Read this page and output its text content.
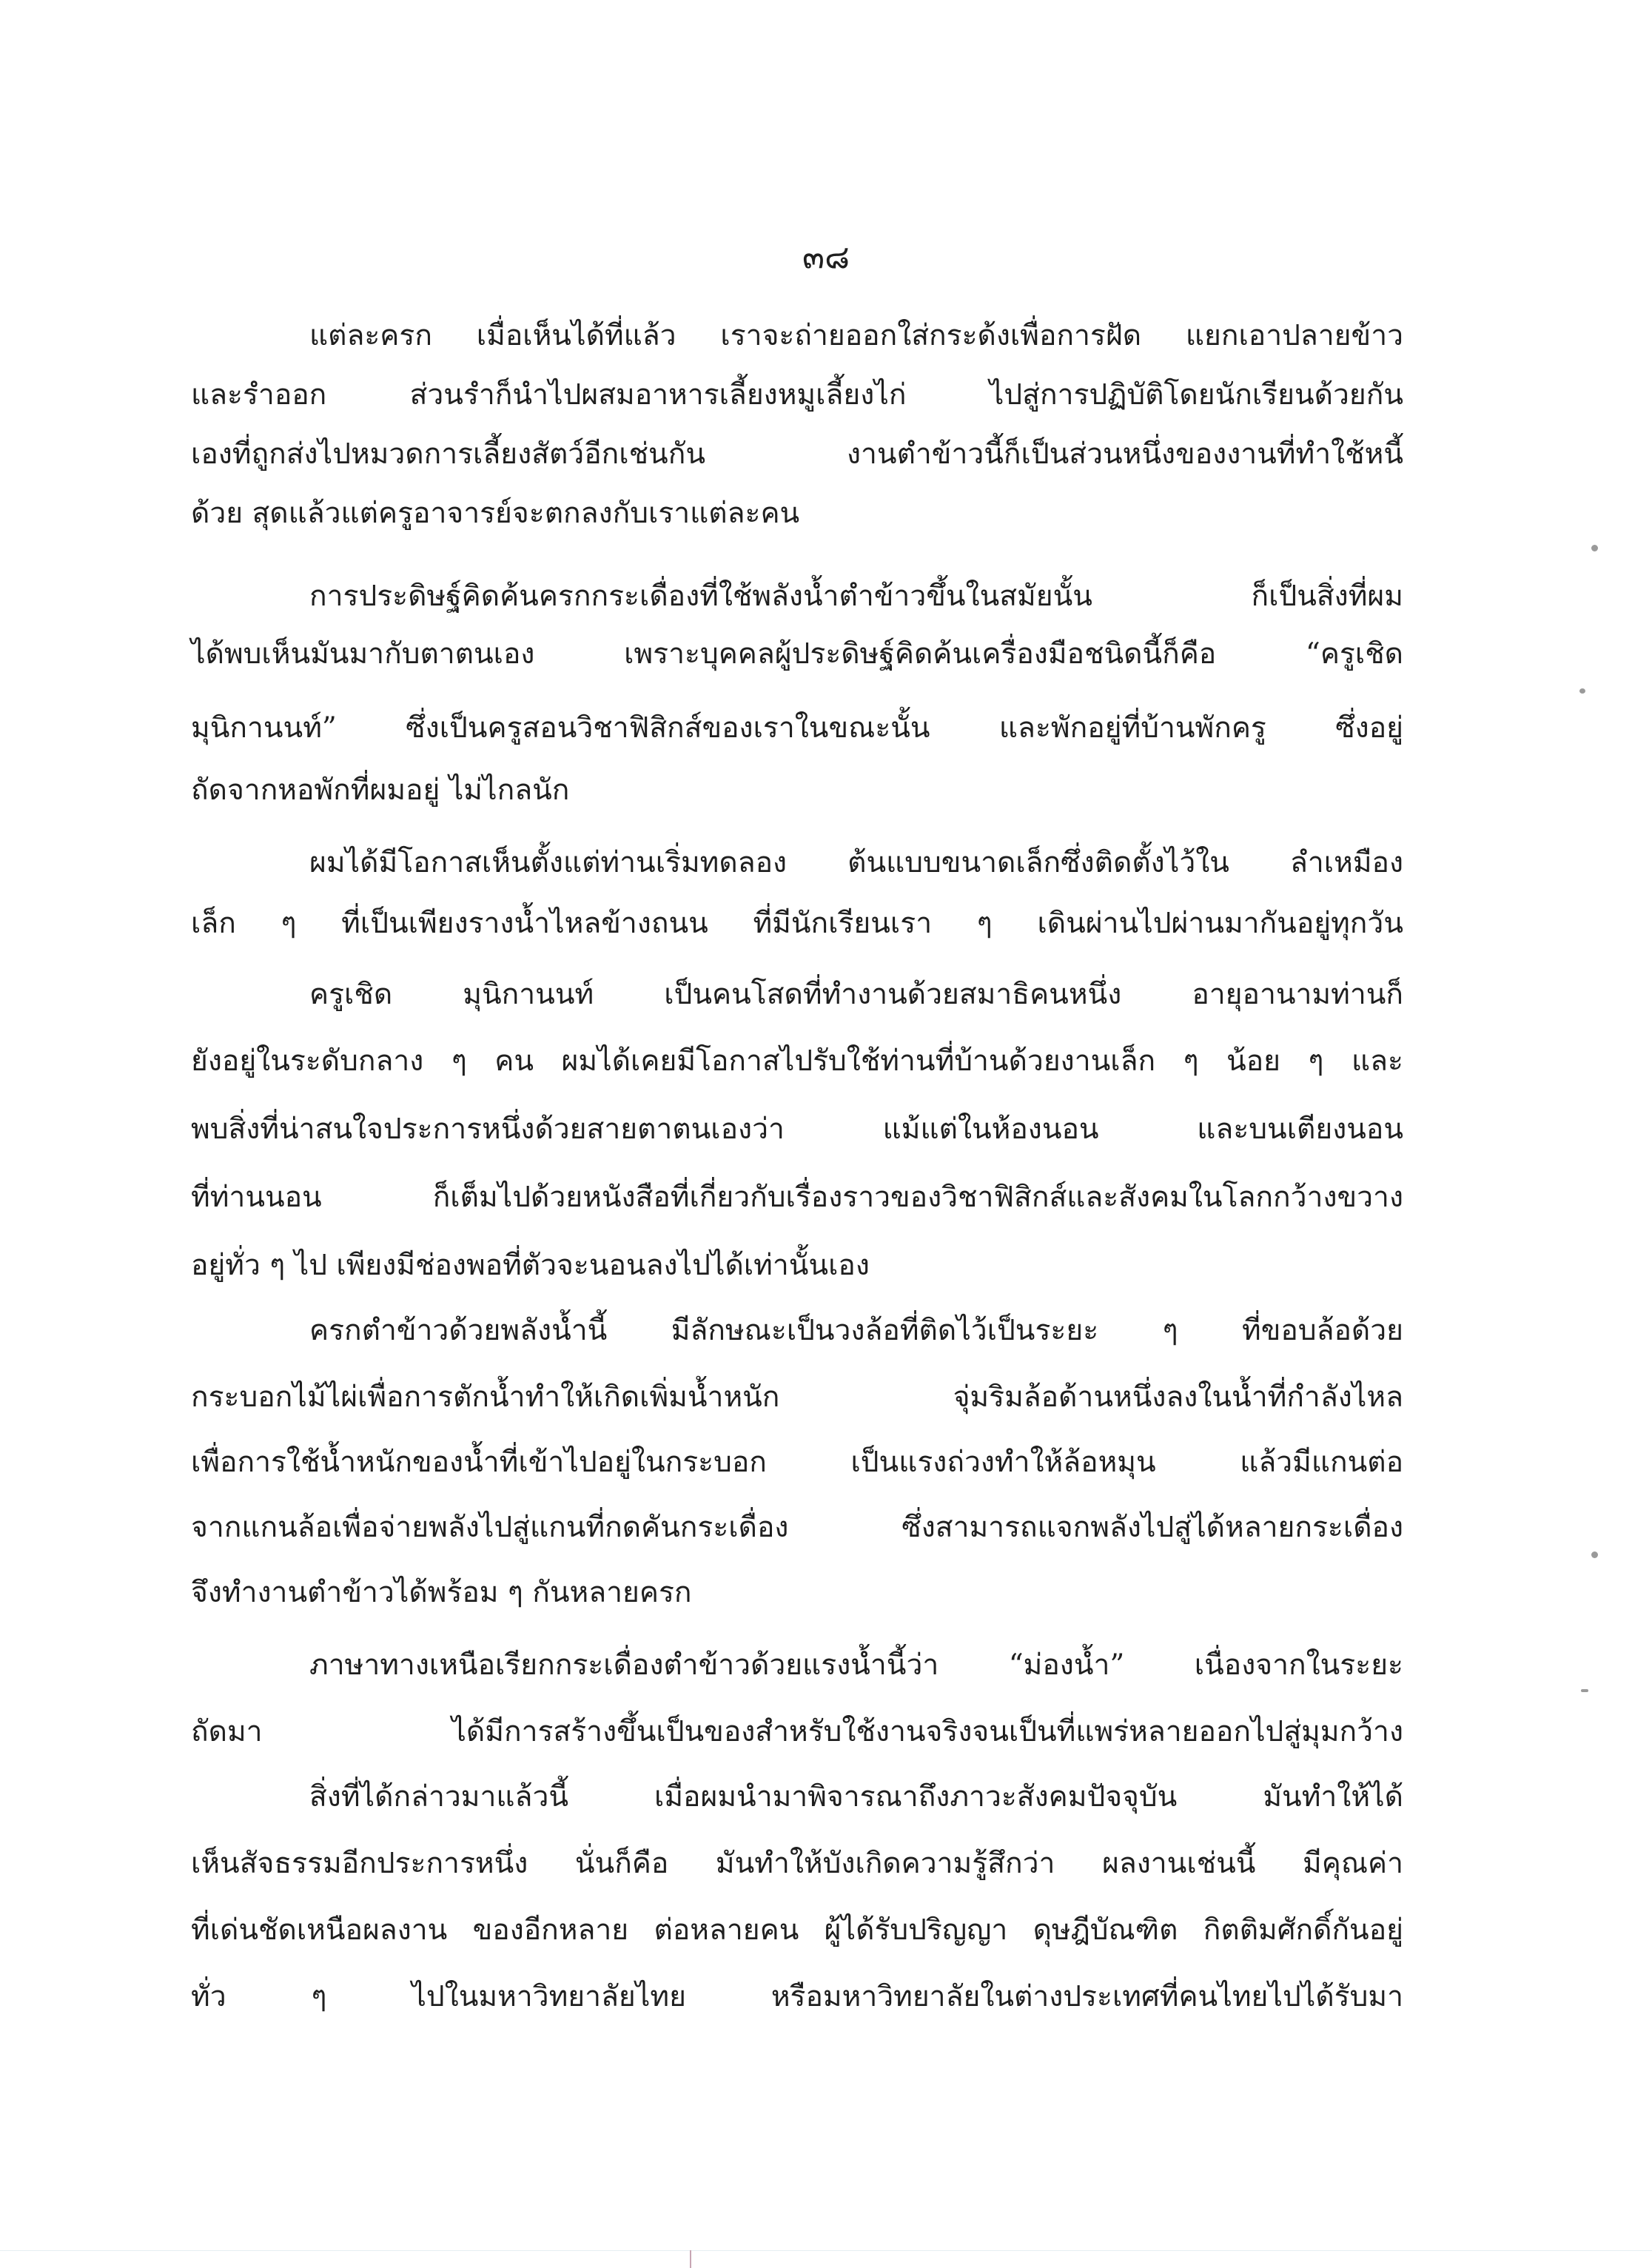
๓๘
แต่ละครก เมื่อเห็นได้ที่แล้ว เราจะถ่ายออกใส่กระด้งเพื่อการฝัด แยกเอาปลายข้าว
และรำออก ส่วนรำก็นำไปผสมอาหารเลี้ยงหมูเลี้ยงไก่ ไปสู่การปฏิบัติโดยนักเรียนด้วยกัน
เองที่ถูกส่งไปหมวดการเลี้ยงสัตว์อีกเช่นกัน งานตำข้าวนี้ก็เป็นส่วนหนึ่งของงานที่ทำใช้หนี้
ด้วย สุดแล้วแต่ครูอาจารย์จะตกลงกับเราแต่ละคน
การประดิษฐ์คิดค้นครกกระเดื่องที่ใช้พลังน้ำตำข้าวขึ้นในสมัยนั้น ก็เป็นสิ่งที่ผม
ได้พบเห็นมันมากับตาตนเอง เพราะบุคคลผู้ประดิษฐ์คิดค้นเครื่องมือชนิดนี้ก็คือ “ครูเชิด
มุนิกานนท์” ซึ่งเป็นครูสอนวิชาฟิสิกส์ของเราในขณะนั้น และพักอยู่ที่บ้านพักครู ซึ่งอยู่
ถัดจากหอพักที่ผมอยู่ ไม่ไกลนัก
ผมได้มีโอกาสเห็นตั้งแต่ท่านเริ่มทดลอง ต้นแบบขนาดเล็กซึ่งติดตั้งไว้ใน ลำเหมือง
เล็ก ๆ ที่เป็นเพียงรางน้ำไหลข้างถนน ที่มีนักเรียนเรา ๆ เดินผ่านไปผ่านมากันอยู่ทุกวัน
ครูเชิด มุนิกานนท์ เป็นคนโสดที่ทำงานด้วยสมาธิคนหนึ่ง อายุอานามท่านก็
ยังอยู่ในระดับกลาง ๆ คน ผมได้เคยมีโอกาสไปรับใช้ท่านที่บ้านด้วยงานเล็ก ๆ น้อย ๆ และ
พบสิ่งที่น่าสนใจประการหนึ่งด้วยสายตาตนเองว่า แม้แต่ในห้องนอน และบนเตียงนอน
ที่ท่านนอน ก็เต็มไปด้วยหนังสือที่เกี่ยวกับเรื่องราวของวิชาฟิสิกส์และสังคมในโลกกว้างขวาง
อยู่ทั่ว ๆ ไป เพียงมีช่องพอที่ตัวจะนอนลงไปได้เท่านั้นเอง
ครกตำข้าวด้วยพลังน้ำนี้ มีลักษณะเป็นวงล้อที่ติดไว้เป็นระยะ ๆ ที่ขอบล้อด้วย
กระบอกไม้ไผ่เพื่อการตักน้ำทำให้เกิดเพิ่มน้ำหนัก จุ่มริมล้อด้านหนึ่งลงในน้ำที่กำลังไหล
เพื่อการใช้น้ำหนักของน้ำที่เข้าไปอยู่ในกระบอก เป็นแรงถ่วงทำให้ล้อหมุน แล้วมีแกนต่อ
จากแกนล้อเพื่อจ่ายพลังไปสู่แกนที่กดคันกระเดื่อง ซึ่งสามารถแจกพลังไปสู่ได้หลายกระเดื่อง
จึงทำงานตำข้าวได้พร้อม ๆ กันหลายครก
ภาษาทางเหนือเรียกกระเดื่องตำข้าวด้วยแรงน้ำนี้ว่า “ม่องน้ำ” เนื่องจากในระยะ
ถัดมา ได้มีการสร้างขึ้นเป็นของสำหรับใช้งานจริงจนเป็นที่แพร่หลายออกไปสู่มุมกว้าง
สิ่งที่ได้กล่าวมาแล้วนี้ เมื่อผมนำมาพิจารณาถึงภาวะสังคมปัจจุบัน มันทำให้ได้
เห็นสัจธรรมอีกประการหนึ่ง นั่นก็คือ มันทำให้บังเกิดความรู้สึกว่า ผลงานเช่นนี้ มีคุณค่า
ที่เด่นชัดเหนือผลงาน ของอีกหลาย ต่อหลายคน ผู้ได้รับปริญญา ดุษฎีบัณฑิต กิตติมศักดิ์กันอยู่
ทั่ว ๆ ไปในมหาวิทยาลัยไทย หรือมหาวิทยาลัยในต่างประเทศที่คนไทยไปได้รับมา
